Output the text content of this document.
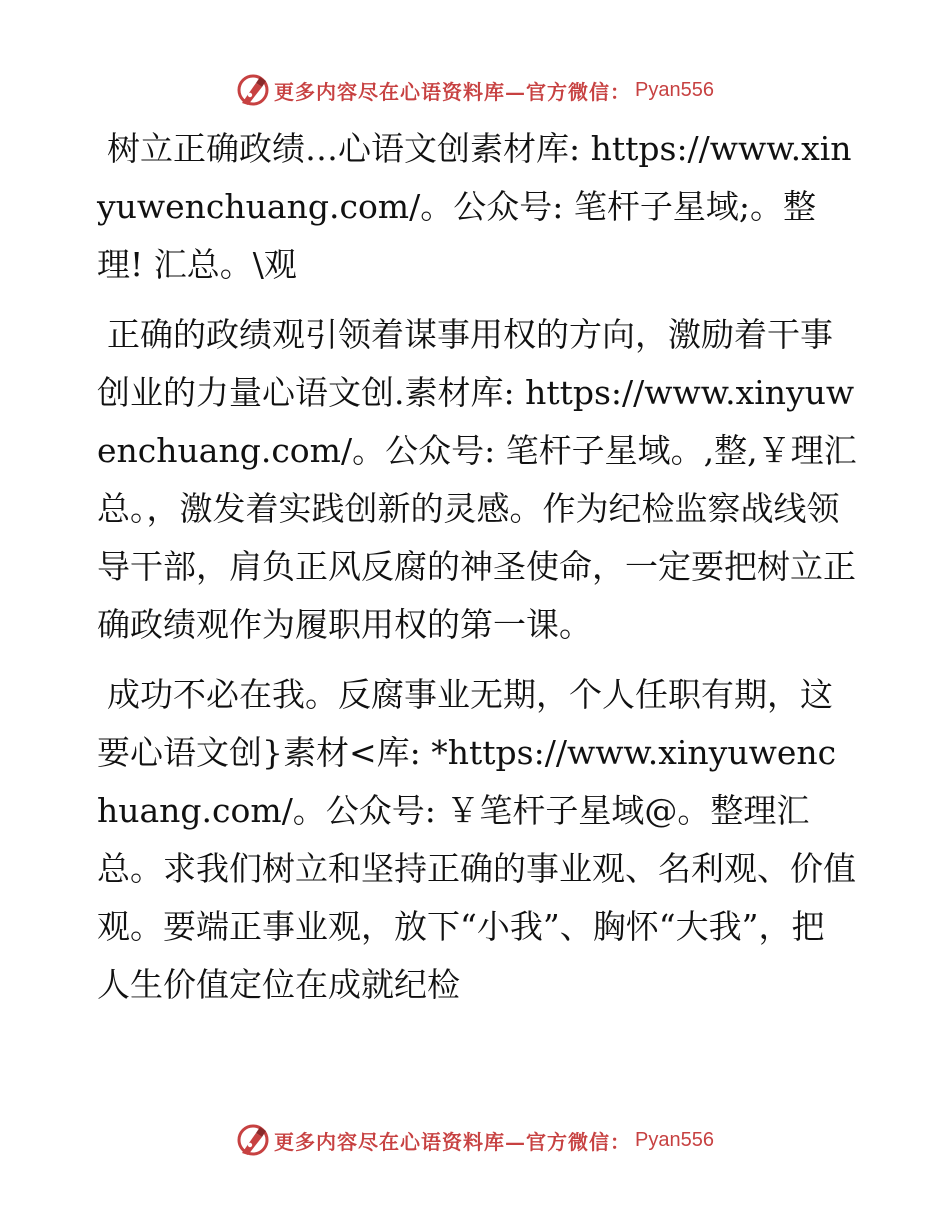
更多内容尽在心语资料库—官方微信： Pyan556

树立正确政绩…心语文创素材库: https://www.xinyuwenchuang.com/。公众号: 笔杆子星域;。整理! 汇总。\观

正确的政绩观引领着谋事用权的方向，激励着干事创业的力量心语文创.素材库: https://www.xinyuwenchuang.com/。公众号: 笔杆子星域。,整,￥理汇总。，激发着实践创新的灵感。作为纪检监察战线领导干部，肩负正风反腐的神圣使命，一定要把树立正确政绩观作为履职用权的第一课。

成功不必在我。反腐事业无期，个人任职有期，这要心语文创}素材<库: *https://www.xinyuwenchuang.com/。公众号: ￥笔杆子星域@。整理汇总。求我们树立和坚持正确的事业观、名利观、价值观。要端正事业观，放下“小我”、胸怀“大我”，把人生价值定位在成就纪检

更多内容尽在心语资料库—官方微信： Pyan556
